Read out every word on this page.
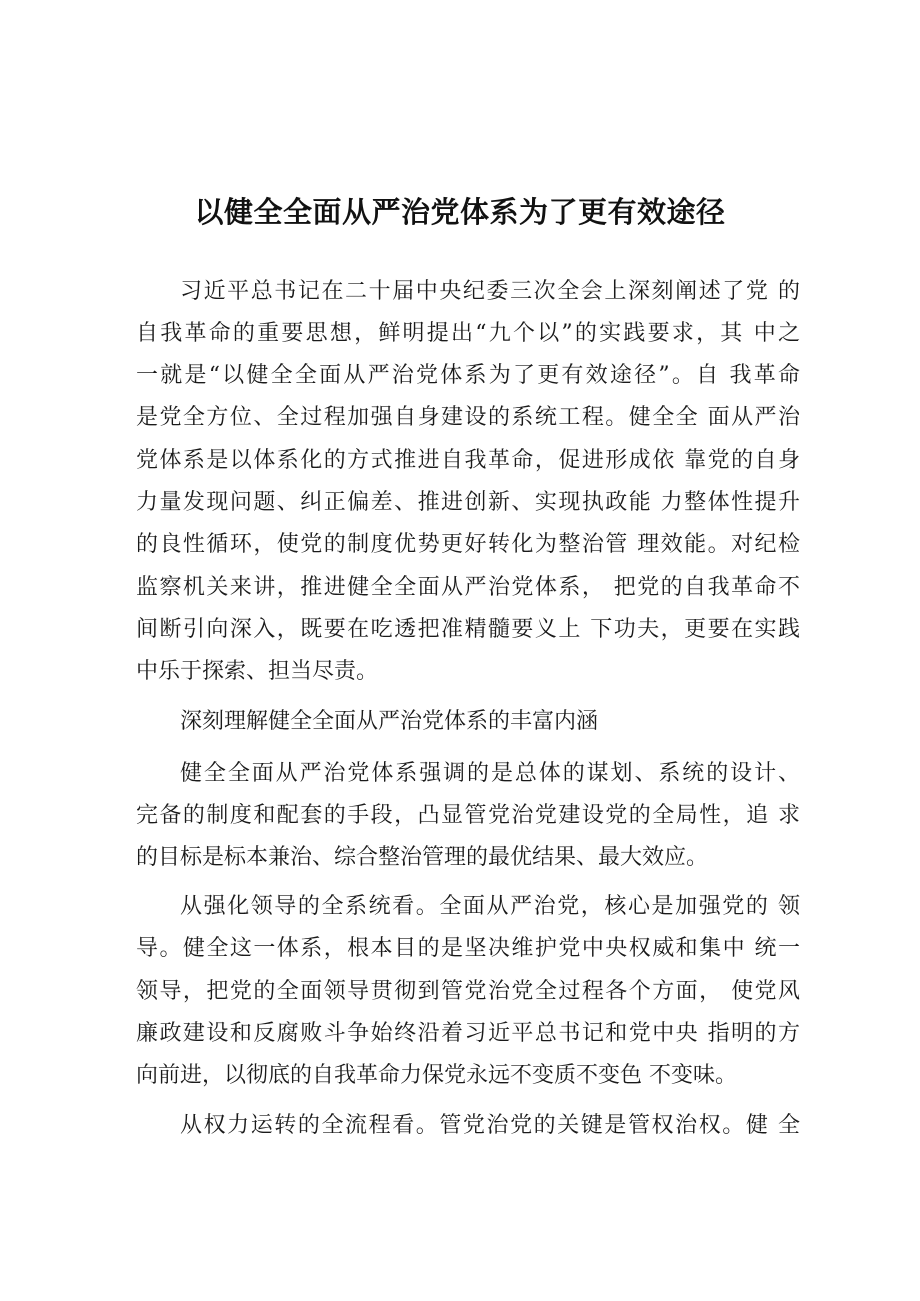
以健全全面从严治党体系为了更有效途径
习近平总书记在二十届中央纪委三次全会上深刻阐述了党 的
自我革命的重要思想，鲜明提出“九个以”的实践要求，其 中之
一就是“以健全全面从严治党体系为了更有效途径”。自 我革命
是党全方位、全过程加强自身建设的系统工程。健全全 面从严治
党体系是以体系化的方式推进自我革命，促进形成依 靠党的自身
力量发现问题、纠正偏差、推进创新、实现执政能 力整体性提升
的良性循环，使党的制度优势更好转化为整治管 理效能。对纪检
监察机关来讲，推进健全全面从严治党体系， 把党的自我革命不
间断引向深入，既要在吃透把准精髓要义上 下功夫，更要在实践
中乐于探索、担当尽责。
深刻理解健全全面从严治党体系的丰富内涵
健全全面从严治党体系强调的是总体的谋划、系统的设计、
完备的制度和配套的手段，凸显管党治党建设党的全局性，追 求
的目标是标本兼治、综合整治管理的最优结果、最大效应。
从强化领导的全系统看。全面从严治党，核心是加强党的 领
导。健全这一体系，根本目的是坚决维护党中央权威和集中 统一
领导，把党的全面领导贯彻到管党治党全过程各个方面， 使党风
廉政建设和反腐败斗争始终沿着习近平总书记和党中央 指明的方
向前进，以彻底的自我革命力保党永远不变质不变色 不变味。
从权力运转的全流程看。管党治党的关键是管权治权。健 全
